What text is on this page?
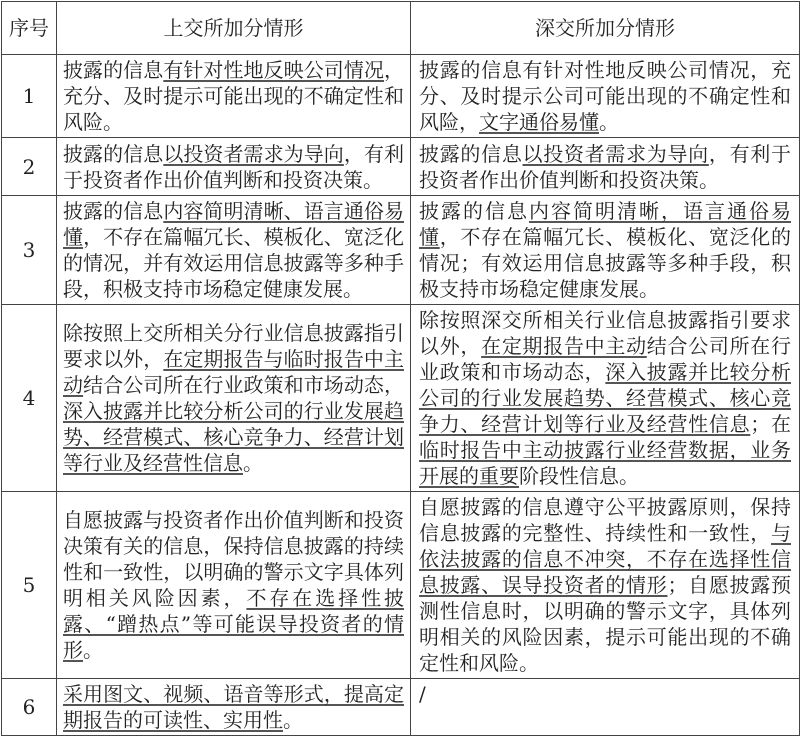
序号	上交所加分情形	深交所加分情形
1	披露的信息有针对性地反映公司情况，充分、及时提示可能出现的不确定性和风险。	披露的信息有针对性地反映公司情况，充分、及时提示公司可能出现的不确定性和风险，文字通俗易懂。
2	披露的信息以投资者需求为导向，有利于投资者作出价值判断和投资决策。	披露的信息以投资者需求为导向，有利于投资者作出价值判断和投资决策。
3	披露的信息内容简明清晰、语言通俗易懂，不存在篇幅冗长、模板化、宽泛化的情况，并有效运用信息披露等多种手段，积极支持市场稳定健康发展。	披露的信息内容简明清晰，语言通俗易懂，不存在篇幅冗长、模板化、宽泛化的情况；有效运用信息披露等多种手段，积极支持市场稳定健康发展。
4	除按照上交所相关分行业信息披露指引要求以外，在定期报告与临时报告中主动结合公司所在行业政策和市场动态，深入披露并比较分析公司的行业发展趋势、经营模式、核心竞争力、经营计划等行业及经营性信息。	除按照深交所相关行业信息披露指引要求以外，在定期报告中主动结合公司所在行业政策和市场动态，深入披露并比较分析公司的行业发展趋势、经营模式、核心竞争力、经营计划等行业及经营性信息；在临时报告中主动披露行业经营数据，业务开展的重要阶段性信息。
5	自愿披露与投资者作出价值判断和投资决策有关的信息，保持信息披露的持续性和一致性，以明确的警示文字具体列明相关风险因素，不存在选择性披露、“蹭热点”等可能误导投资者的情形。	自愿披露的信息遵守公平披露原则，保持信息披露的完整性、持续性和一致性，与依法披露的信息不冲突，不存在选择性信息披露、误导投资者的情形；自愿披露预测性信息时，以明确的警示文字，具体列明相关的风险因素，提示可能出现的不确定性和风险。
6	采用图文、视频、语音等形式，提高定期报告的可读性、实用性。	/
